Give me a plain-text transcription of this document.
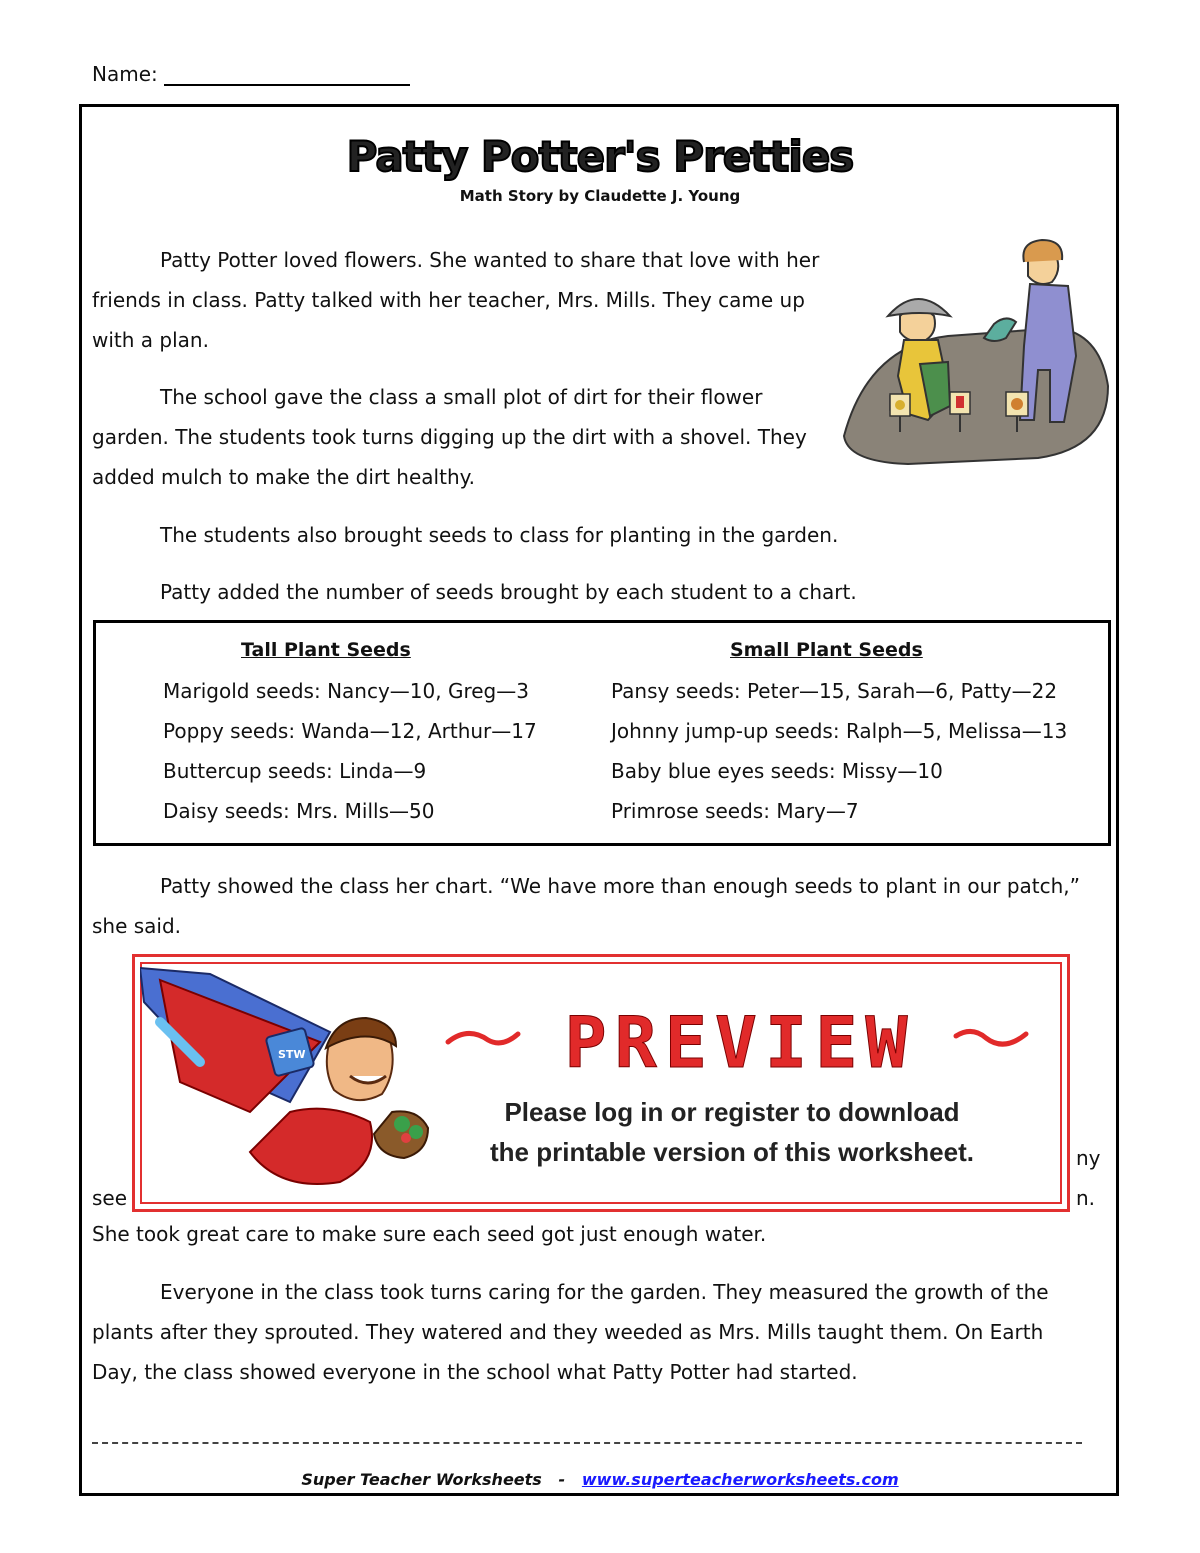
Name:
Patty Potter's Pretties
Math Story by Claudette J. Young

Patty Potter loved flowers. She wanted to share that love with her friends in class. Patty talked with her teacher, Mrs. Mills. They came up with a plan.

The school gave the class a small plot of dirt for their flower garden. The students took turns digging up the dirt with a shovel. They added mulch to make the dirt healthy.

The students also brought seeds to class for planting in the garden.

Patty added the number of seeds brought by each student to a chart.

Tall Plant Seeds	Small Plant Seeds
Marigold seeds: Nancy—10, Greg—3
Poppy seeds: Wanda—12, Arthur—17
Buttercup seeds: Linda—9
Daisy seeds: Mrs. Mills—50
Pansy seeds: Peter—15, Sarah—6, Patty—22
Johnny jump-up seeds: Ralph—5, Melissa—13
Baby blue eyes seeds: Missy—10
Primrose seeds: Mary—7

Patty showed the class her chart. “We have more than enough seeds to plant in our patch,” she said.

see
ny
n.
STW	PREVIEW
Please log in or register to download
the printable version of this worksheet.

She took great care to make sure each seed got just enough water.

Everyone in the class took turns caring for the garden. They measured the growth of the plants after they sprouted. They watered and they weeded as Mrs. Mills taught them. On Earth Day, the class showed everyone in the school what Patty Potter had started.

Super Teacher Worksheets - www.superteacherworksheets.com
